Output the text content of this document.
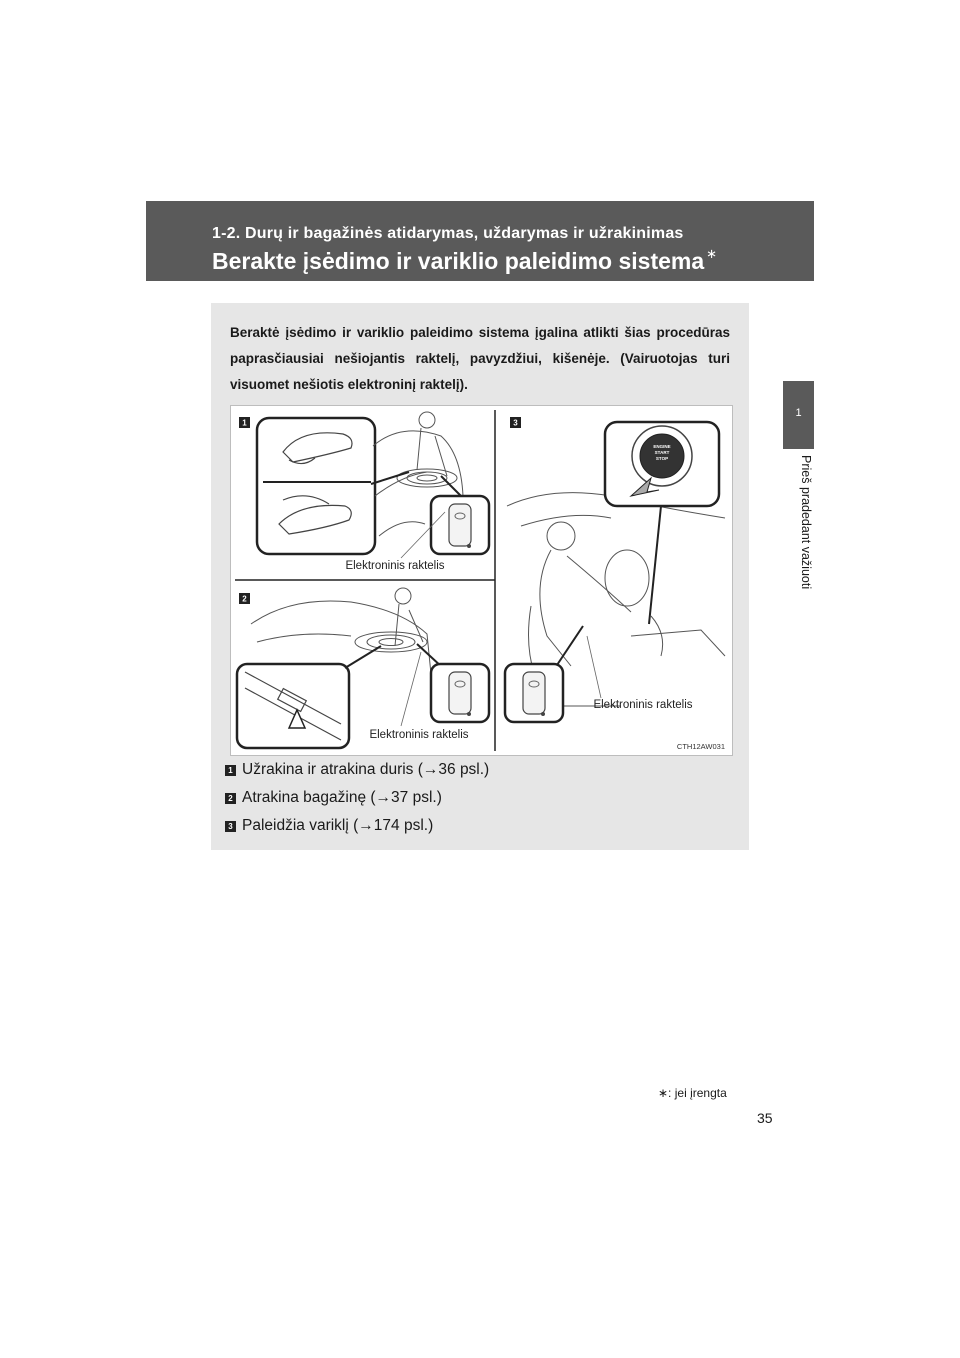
1-2. Durų ir bagažinės atidarymas, uždarymas ir užrakinimas
Berakte įsėdimo ir variklio paleidimo sistema ∗
1
Prieš pradedant važiuoti
Beraktė įsėdimo ir variklio paleidimo sistema įgalina atlikti šias procedūras paprasčiausiai nešiojantis raktelį, pavyzdžiui, kišenėje. (Vairuotojas turi visuomet nešiotis elektroninį raktelį).
1
2
3
Elektroninis raktelis
Elektroninis raktelis
ENGINE
START
STOP
Elektroninis raktelis
CTH12AW031
1 Užrakina ir atrakina duris (→36 psl.)
2 Atrakina bagažinę (→37 psl.)
3 Paleidžia variklį (→174 psl.)
∗: jei įrengta
35
